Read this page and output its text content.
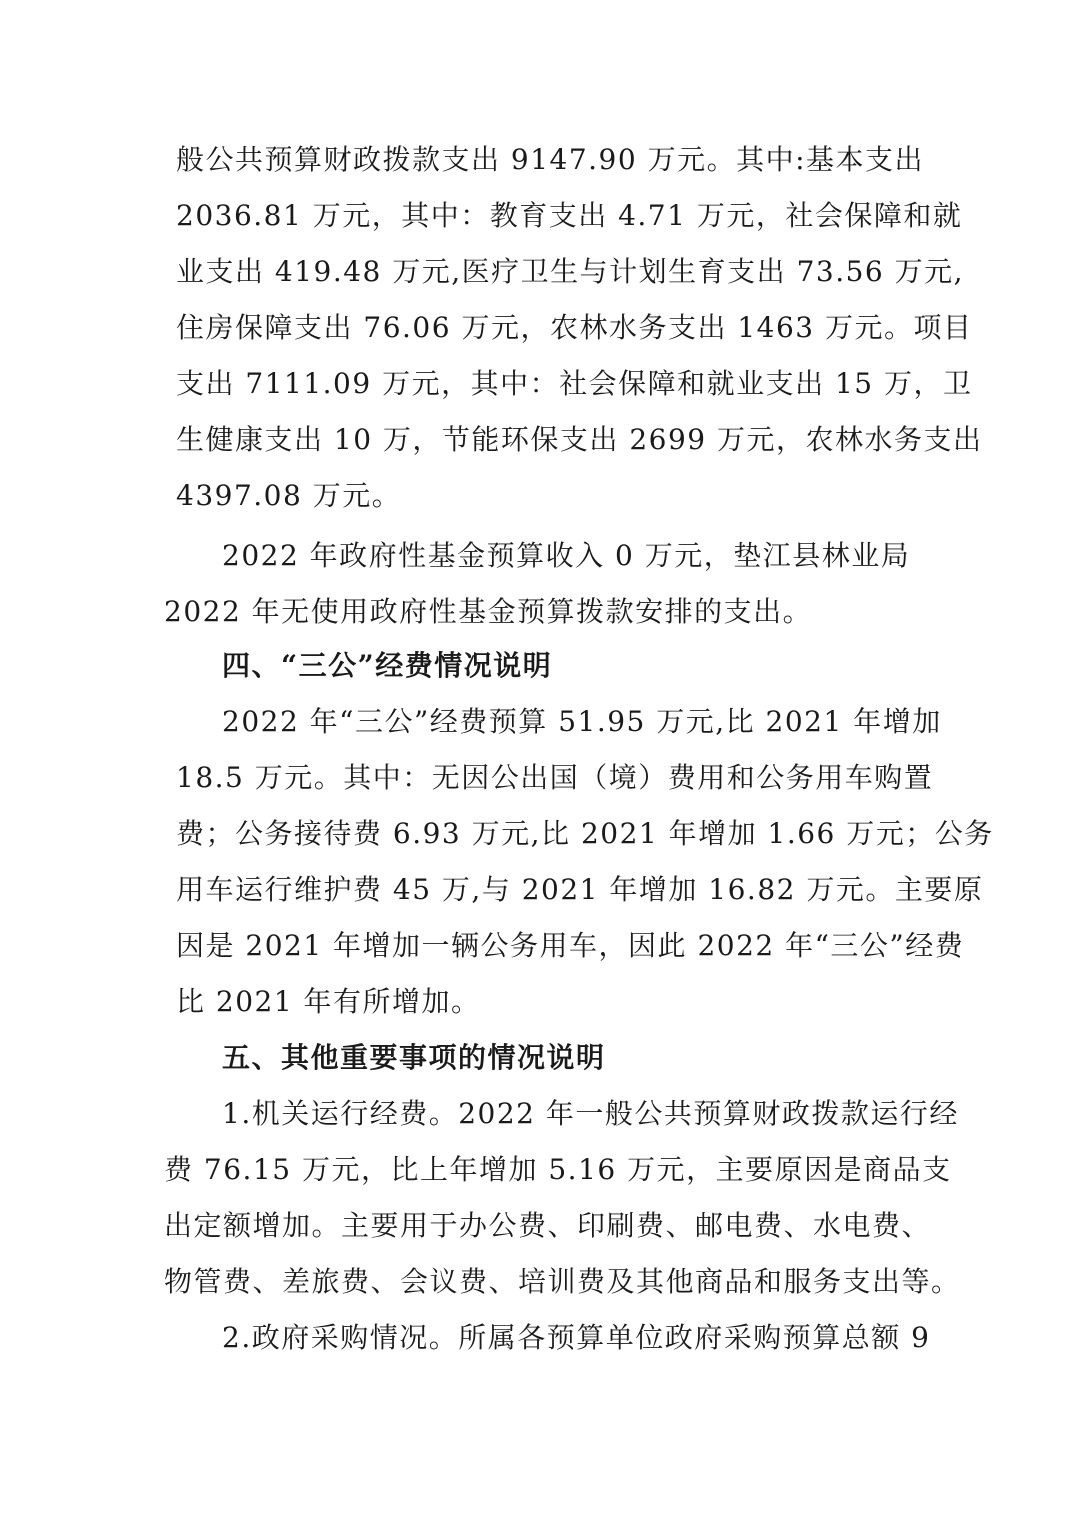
般公共预算财政拨款支出 9147.90 万元。其中:基本支出
2036.81 万元，其中：教育支出 4.71 万元，社会保障和就
业支出 419.48 万元,医疗卫生与计划生育支出 73.56 万元,
住房保障支出 76.06 万元，农林水务支出 1463 万元。项目
支出 7111.09 万元，其中：社会保障和就业支出 15 万，卫
生健康支出 10 万，节能环保支出 2699 万元，农林水务支出
4397.08 万元。
2022 年政府性基金预算收入 0 万元，垫江县林业局
2022 年无使用政府性基金预算拨款安排的支出。
四、“三公”经费情况说明
2022 年“三公”经费预算 51.95 万元,比 2021 年增加
18.5 万元。其中：无因公出国（境）费用和公务用车购置
费；公务接待费 6.93 万元,比 2021 年增加 1.66 万元；公务
用车运行维护费 45 万,与 2021 年增加 16.82 万元。主要原
因是 2021 年增加一辆公务用车，因此 2022 年“三公”经费
比 2021 年有所增加。
五、其他重要事项的情况说明
1.机关运行经费。2022 年一般公共预算财政拨款运行经
费 76.15 万元，比上年增加 5.16 万元，主要原因是商品支
出定额增加。主要用于办公费、印刷费、邮电费、水电费、
物管费、差旅费、会议费、培训费及其他商品和服务支出等。
2.政府采购情况。所属各预算单位政府采购预算总额 9
